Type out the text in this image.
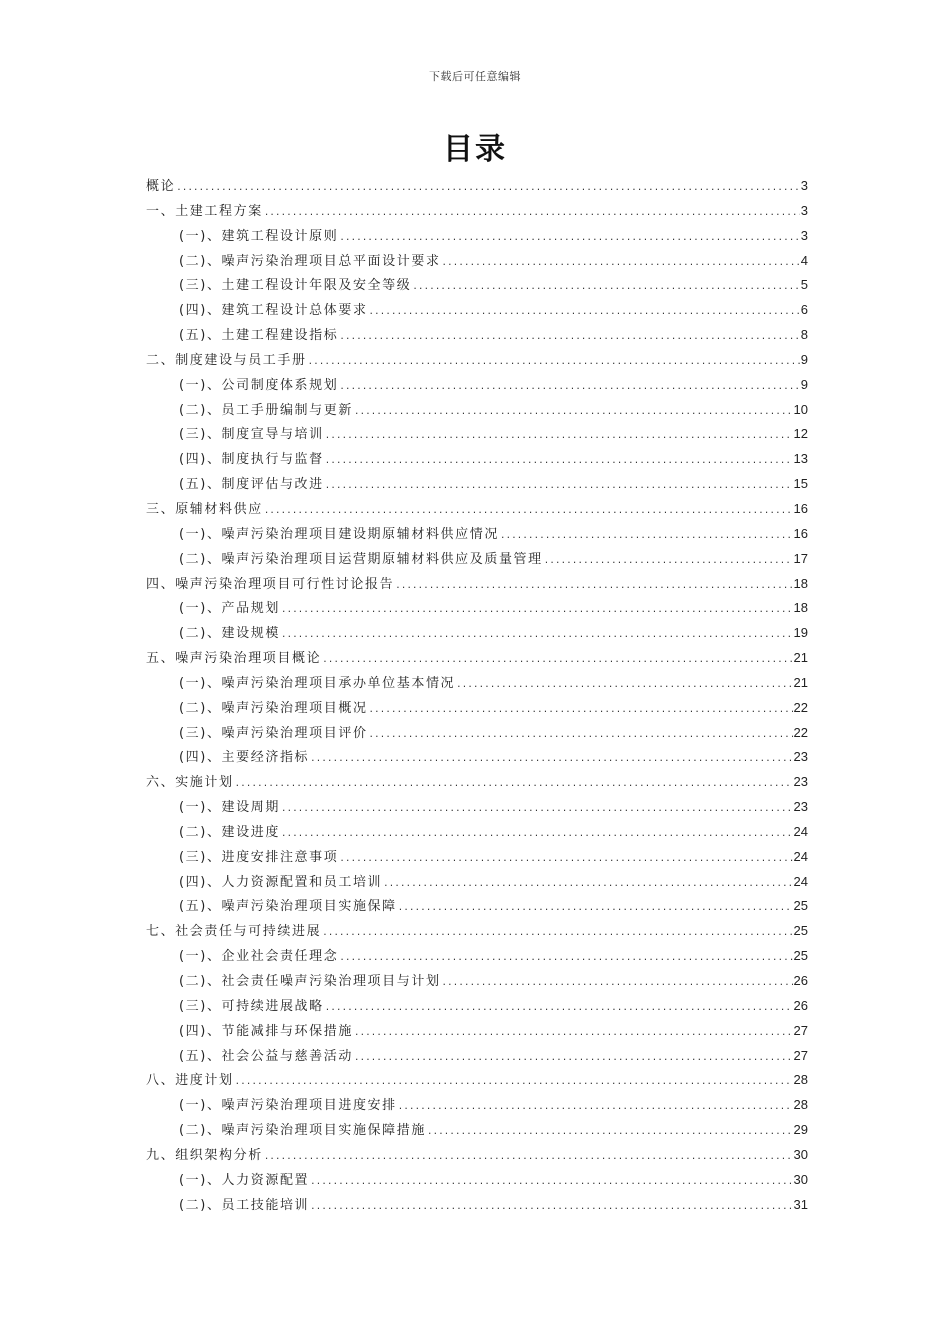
下载后可任意编辑
目录
概论 .....	3
一、土建工程方案 .....	3
(一)、建筑工程设计原则 .....	3
(二)、噪声污染治理项目总平面设计要求 .....	4
(三)、土建工程设计年限及安全等级 .....	5
(四)、建筑工程设计总体要求 .....	6
(五)、土建工程建设指标 .....	8
二、制度建设与员工手册 .....	9
(一)、公司制度体系规划 .....	9
(二)、员工手册编制与更新 .....	10
(三)、制度宣导与培训 .....	12
(四)、制度执行与监督 .....	13
(五)、制度评估与改进 .....	15
三、原辅材料供应 .....	16
(一)、噪声污染治理项目建设期原辅材料供应情况 .....	16
(二)、噪声污染治理项目运营期原辅材料供应及质量管理 .....	17
四、噪声污染治理项目可行性讨论报告 .....	18
(一)、产品规划 .....	18
(二)、建设规模 .....	19
五、噪声污染治理项目概论 .....	21
(一)、噪声污染治理项目承办单位基本情况 .....	21
(二)、噪声污染治理项目概况 .....	22
(三)、噪声污染治理项目评价 .....	22
(四)、主要经济指标 .....	23
六、实施计划 .....	23
(一)、建设周期 .....	23
(二)、建设进度 .....	24
(三)、进度安排注意事项 .....	24
(四)、人力资源配置和员工培训 .....	24
(五)、噪声污染治理项目实施保障 .....	25
七、社会责任与可持续进展 .....	25
(一)、企业社会责任理念 .....	25
(二)、社会责任噪声污染治理项目与计划 .....	26
(三)、可持续进展战略 .....	26
(四)、节能减排与环保措施 .....	27
(五)、社会公益与慈善活动 .....	27
八、进度计划 .....	28
(一)、噪声污染治理项目进度安排 .....	28
(二)、噪声污染治理项目实施保障措施 .....	29
九、组织架构分析 .....	30
(一)、人力资源配置 .....	30
(二)、员工技能培训 .....	31
